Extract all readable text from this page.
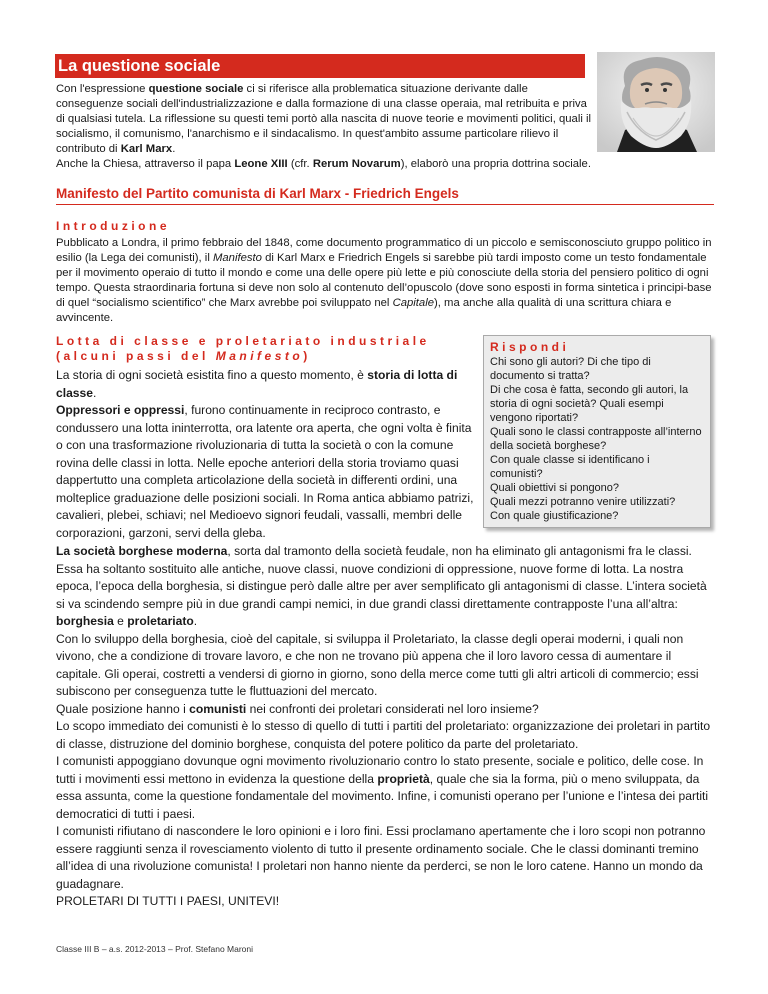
La questione sociale

Con l'espressione questione sociale ci si riferisce alla problematica situazione derivante dalle conseguenze sociali dell'industrializzazione e dalla formazione di una classe operaia, mal retribuita e priva di qualsiasi tutela. La riflessione su questi temi portò alla nascita di nuove teorie e movimenti politici, quali il socialismo, il comunismo, l'anarchismo e il sindacalismo. In quest'ambito assume particolare rilievo il contributo di Karl Marx.

Anche la Chiesa, attraverso il papa Leone XIII (cfr. Rerum Novarum), elaborò una propria dottrina sociale.

Manifesto del Partito comunista di Karl Marx - Friedrich Engels
Introduzione

Pubblicato a Londra, il primo febbraio del 1848, come documento programmatico di un piccolo e semisconosciuto gruppo politico in esilio (la Lega dei comunisti), il Manifesto di Karl Marx e Friedrich Engels si sarebbe più tardi imposto come un testo fondamentale per il movimento operaio di tutto il mondo e come una delle opere più lette e più conosciute della storia del pensiero politico di ogni tempo. Questa straordinaria fortuna si deve non solo al contenuto dell’opuscolo (dove sono esposti in forma sintetica i principi-base di quel “socialismo scientifico” che Marx avrebbe poi sviluppato nel Capitale), ma anche alla qualità di una scrittura chiara e avvincente.

Lotta di classe e proletariato industriale
(alcuni passi del Manifesto)

La storia di ogni società esistita fino a questo momento, è storia di lotta di classe.

Oppressori e oppressi, furono continuamente in reciproco contrasto, e condussero una lotta ininterrotta, ora latente ora aperta, che ogni volta è finita o con una trasformazione rivoluzionaria di tutta la società o con la comune rovina delle classi in lotta. Nelle epoche anteriori della storia troviamo quasi dappertutto una completa articolazione della società in differenti ordini, una molteplice graduazione delle posizioni sociali. In Roma antica abbiamo patrizi, cavalieri, plebei, schiavi; nel Medioevo signori feudali, vassalli, membri delle corporazioni, garzoni, servi della gleba.

Rispondi

Chi sono gli autori? Di che tipo di documento si tratta?

Di che cosa è fatta, secondo gli autori, la storia di ogni società? Quali esempi vengono riportati?

Quali sono le classi contrapposte all’interno della società borghese?

Con quale classe si identificano i comunisti?

Quali obiettivi si pongono?

Quali mezzi potranno venire utilizzati?

Con quale giustificazione?

La società borghese moderna, sorta dal tramonto della società feudale, non ha eliminato gli antagonismi fra le classi. Essa ha soltanto sostituito alle antiche, nuove classi, nuove condizioni di oppressione, nuove forme di lotta. La nostra epoca, l’epoca della borghesia, si distingue però dalle altre per aver semplificato gli antagonismi di classe. L’intera società si va scindendo sempre più in due grandi campi nemici, in due grandi classi direttamente contrapposte l’una all’altra: borghesia e proletariato.

Con lo sviluppo della borghesia, cioè del capitale, si sviluppa il Proletariato, la classe degli operai moderni, i quali non vivono, che a condizione di trovare lavoro, e che non ne trovano più appena che il loro lavoro cessa di aumentare il capitale. Gli operai, costretti a vendersi di giorno in giorno, sono della merce come tutti gli altri articoli di commercio; essi subiscono per conseguenza tutte le fluttuazioni del mercato.

Quale posizione hanno i comunisti nei confronti dei proletari considerati nel loro insieme?

Lo scopo immediato dei comunisti è lo stesso di quello di tutti i partiti del proletariato: organizzazione dei proletari in partito di classe, distruzione del dominio borghese, conquista del potere politico da parte del proletariato.

I comunisti appoggiano dovunque ogni movimento rivoluzionario contro lo stato presente, sociale e politico, delle cose. In tutti i movimenti essi mettono in evidenza la questione della proprietà, quale che sia la forma, più o meno sviluppata, da essa assunta, come la questione fondamentale del movimento. Infine, i comunisti operano per l’unione e l’intesa dei partiti democratici di tutti i paesi.

I comunisti rifiutano di nascondere le loro opinioni e i loro fini. Essi proclamano apertamente che i loro scopi non potranno essere raggiunti senza il rovesciamento violento di tutto il presente ordinamento sociale. Che le classi dominanti tremino all’idea di una rivoluzione comunista! I proletari non hanno niente da perderci, se non le loro catene. Hanno un mondo da guadagnare.

PROLETARI DI TUTTI I PAESI, UNITEVI!

Classe III B – a.s. 2012-2013 – Prof. Stefano Maroni
